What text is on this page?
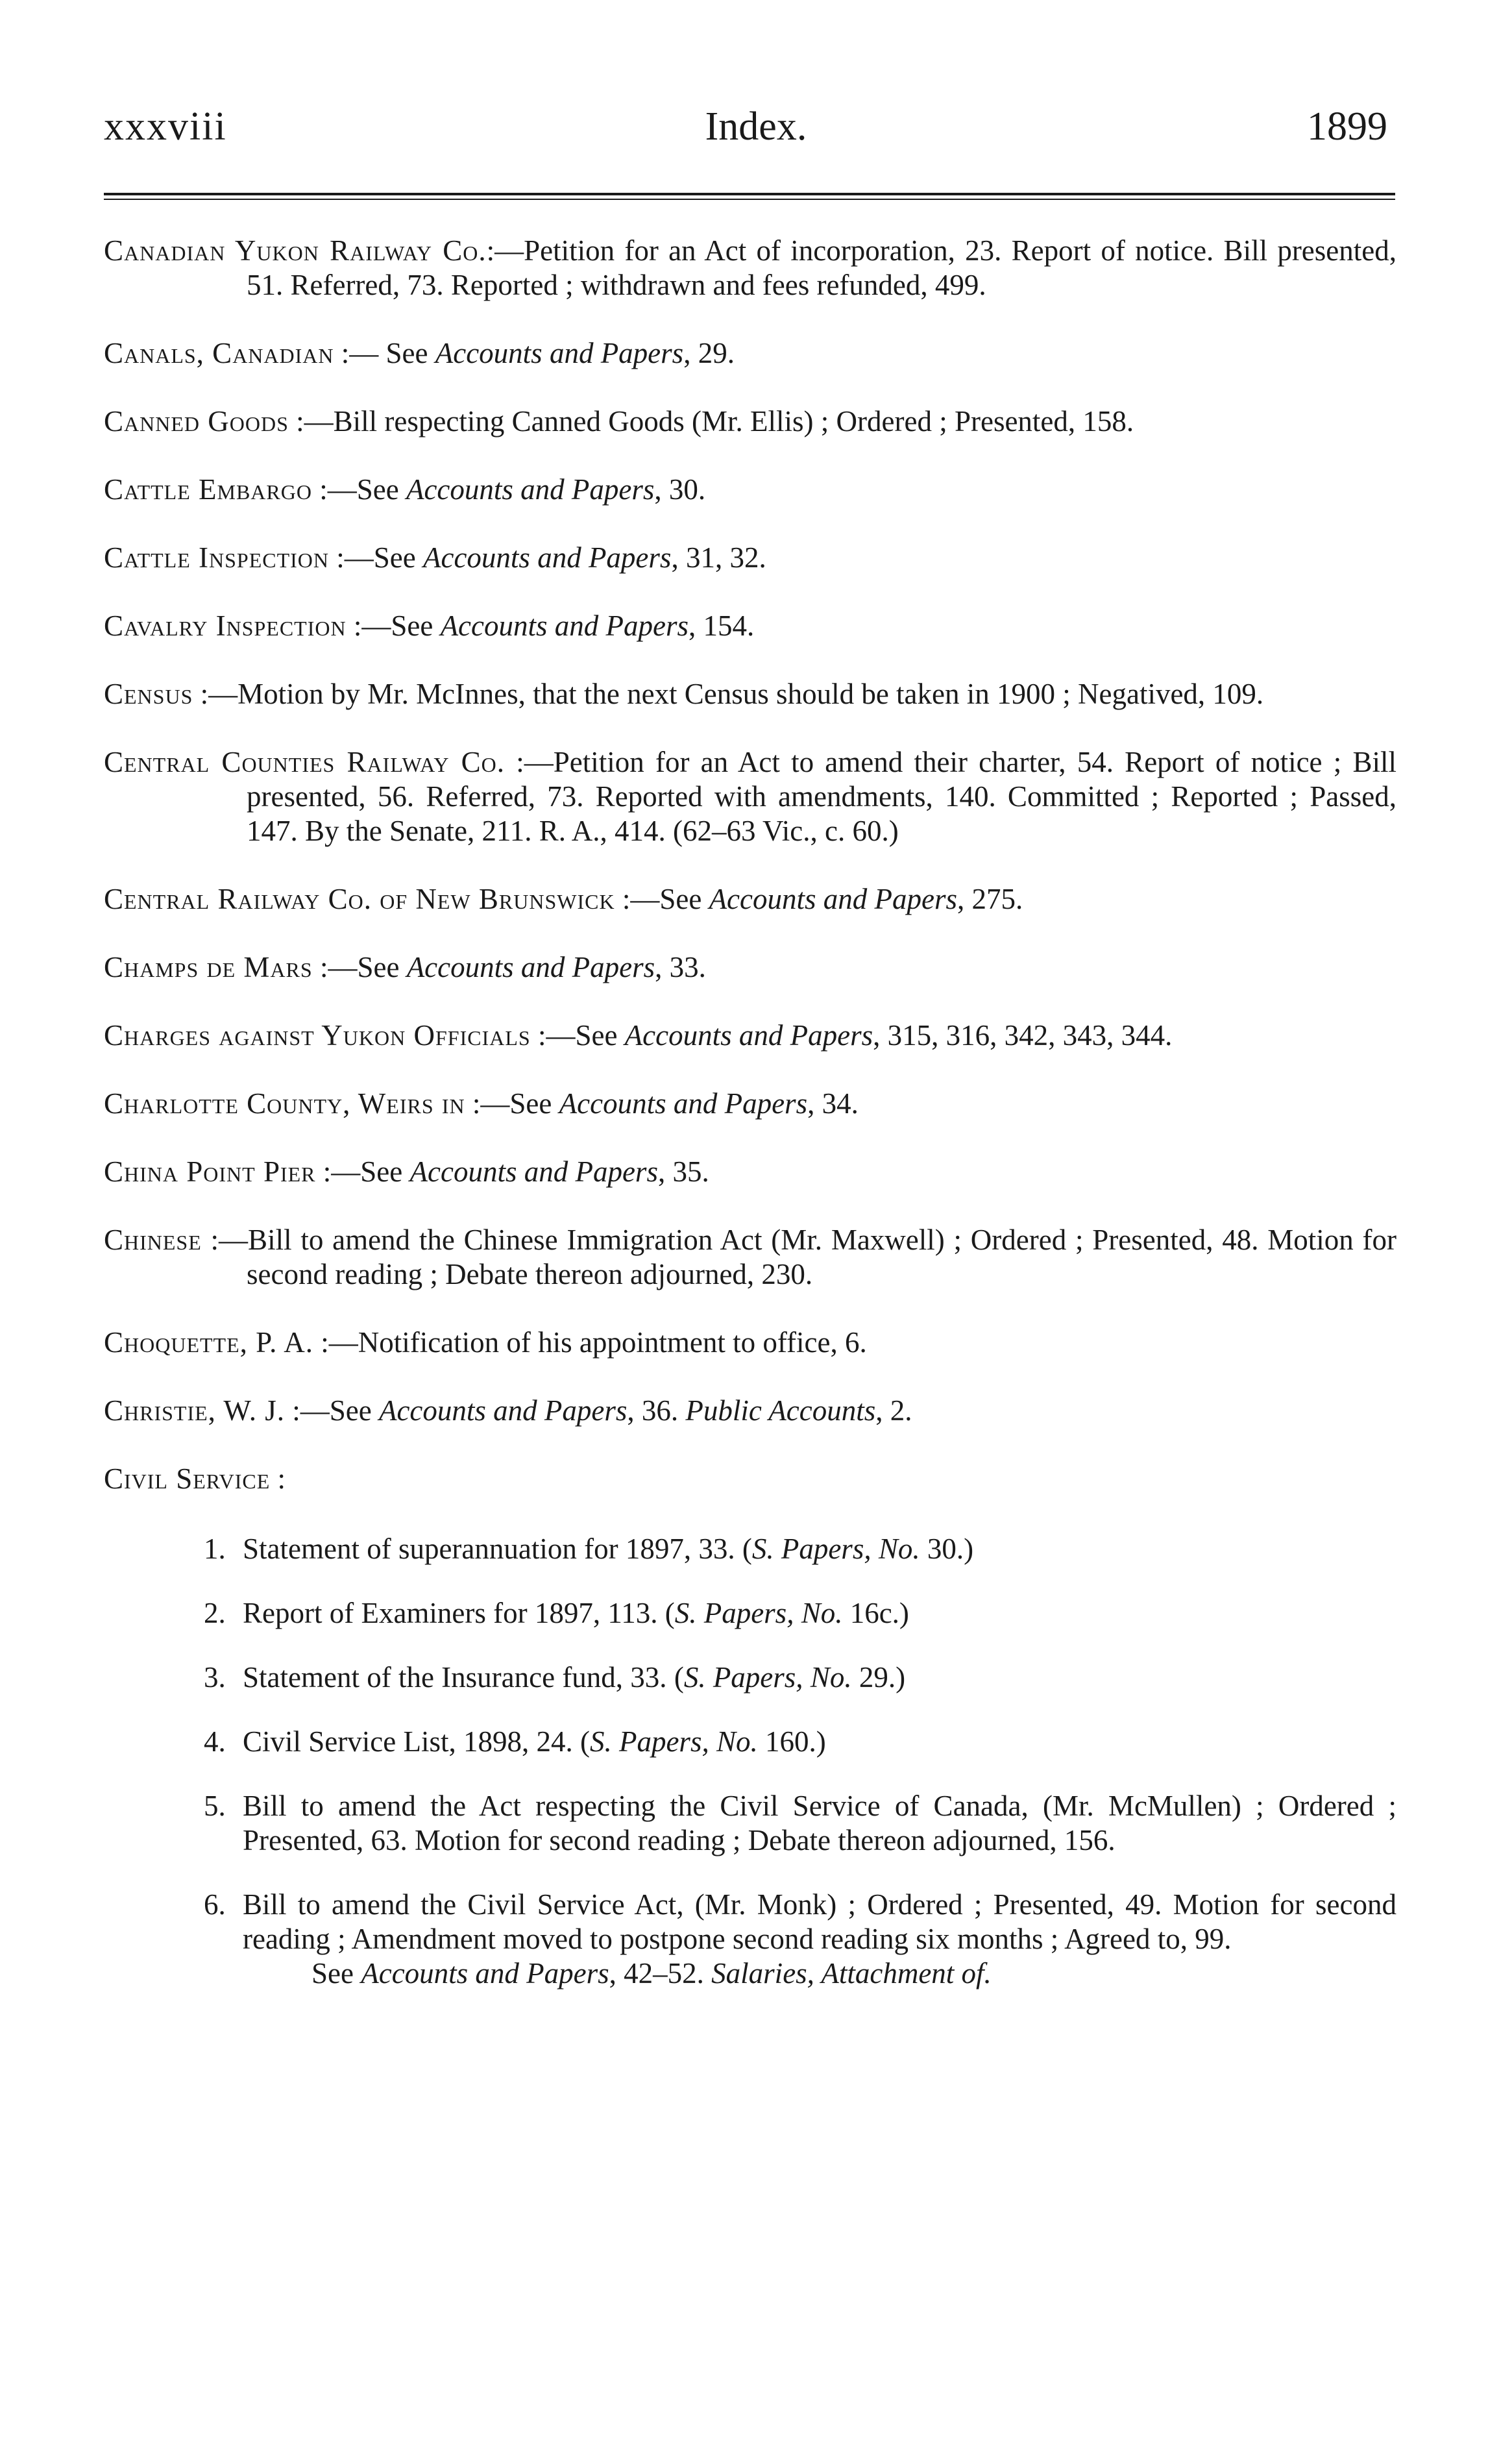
xxxviii	Index.	1899
Canadian Yukon Railway Co.:—Petition for an Act of incorporation, 23. Report of notice. Bill presented, 51. Referred, 73. Reported ; withdrawn and fees refunded, 499.
Canals, Canadian :— See Accounts and Papers, 29.
Canned Goods :—Bill respecting Canned Goods (Mr. Ellis) ; Ordered ; Presented, 158.
Cattle Embargo :—See Accounts and Papers, 30.
Cattle Inspection :—See Accounts and Papers, 31, 32.
Cavalry Inspection :—See Accounts and Papers, 154.
Census :—Motion by Mr. McInnes, that the next Census should be taken in 1900 ; Negatived, 109.
Central Counties Railway Co. :—Petition for an Act to amend their charter, 54. Report of notice ; Bill presented, 56. Referred, 73. Reported with amendments, 140. Committed ; Reported ; Passed, 147. By the Senate, 211. R. A., 414. (62–63 Vic., c. 60.)
Central Railway Co. of New Brunswick :—See Accounts and Papers, 275.
Champs de Mars :—See Accounts and Papers, 33.
Charges against Yukon Officials :—See Accounts and Papers, 315, 316, 342, 343, 344.
Charlotte County, Weirs in :—See Accounts and Papers, 34.
China Point Pier :—See Accounts and Papers, 35.
Chinese :—Bill to amend the Chinese Immigration Act (Mr. Maxwell) ; Ordered ; Presented, 48. Motion for second reading ; Debate thereon adjourned, 230.
Choquette, P. A. :—Notification of his appointment to office, 6.
Christie, W. J. :—See Accounts and Papers, 36. Public Accounts, 2.
Civil Service :
1. Statement of superannuation for 1897, 33. (S. Papers, No. 30.)
2. Report of Examiners for 1897, 113. (S. Papers, No. 16c.)
3. Statement of the Insurance fund, 33. (S. Papers, No. 29.)
4. Civil Service List, 1898, 24. (S. Papers, No. 160.)
5. Bill to amend the Act respecting the Civil Service of Canada, (Mr. McMullen) ; Ordered ; Presented, 63. Motion for second reading ; Debate thereon adjourned, 156.
6. Bill to amend the Civil Service Act, (Mr. Monk) ; Ordered ; Presented, 49. Motion for second reading ; Amendment moved to postpone second reading six months ; Agreed to, 99.
See Accounts and Papers, 42–52. Salaries, Attachment of.
